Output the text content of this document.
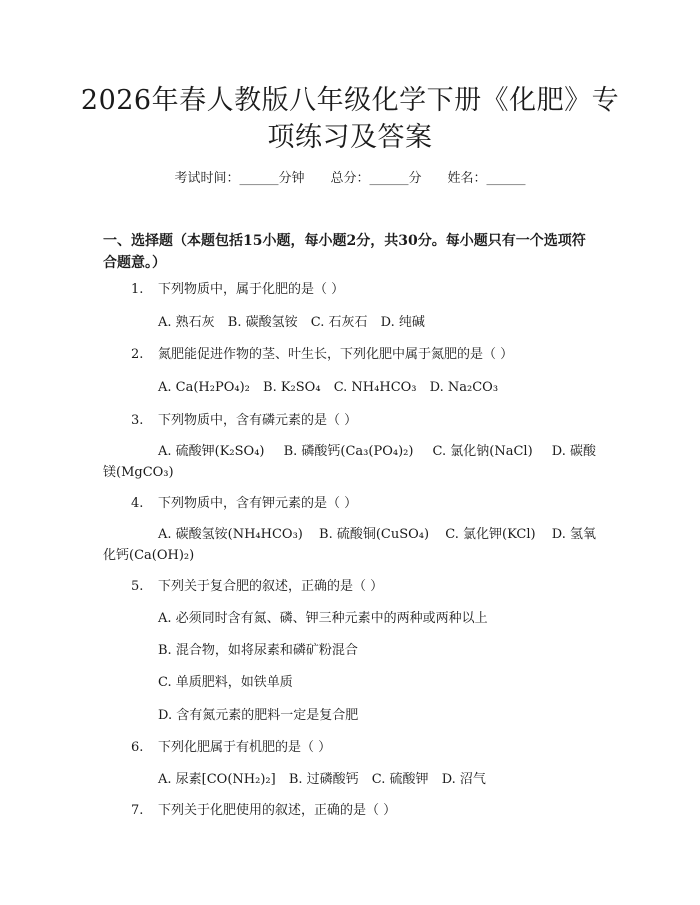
2026年春人教版八年级化学下册《化肥》专
项练习及答案
考试时间：______分钟 总分：______分 姓名：______
一、选择题（本题包括15小题，每小题2分，共30分。每小题只有一个选项符
合题意。）
1. 下列物质中，属于化肥的是（ ）
A. 熟石灰 B. 碳酸氢铵 C. 石灰石 D. 纯碱
2. 氮肥能促进作物的茎、叶生长，下列化肥中属于氮肥的是（ ）
A. Ca(H₂PO₄)₂ B. K₂SO₄ C. NH₄HCO₃ D. Na₂CO₃
3. 下列物质中，含有磷元素的是（ ）
A. 硫酸钾(K₂SO₄) B. 磷酸钙(Ca₃(PO₄)₂) C. 氯化钠(NaCl) D. 碳酸
镁(MgCO₃)
4. 下列物质中，含有钾元素的是（ ）
A. 碳酸氢铵(NH₄HCO₃) B. 硫酸铜(CuSO₄) C. 氯化钾(KCl) D. 氢氧
化钙(Ca(OH)₂)
5. 下列关于复合肥的叙述，正确的是（ ）
A. 必须同时含有氮、磷、钾三种元素中的两种或两种以上
B. 混合物，如将尿素和磷矿粉混合
C. 单质肥料，如铁单质
D. 含有氮元素的肥料一定是复合肥
6. 下列化肥属于有机肥的是（ ）
A. 尿素[CO(NH₂)₂] B. 过磷酸钙 C. 硫酸钾 D. 沼气
7. 下列关于化肥使用的叙述，正确的是（ ）
